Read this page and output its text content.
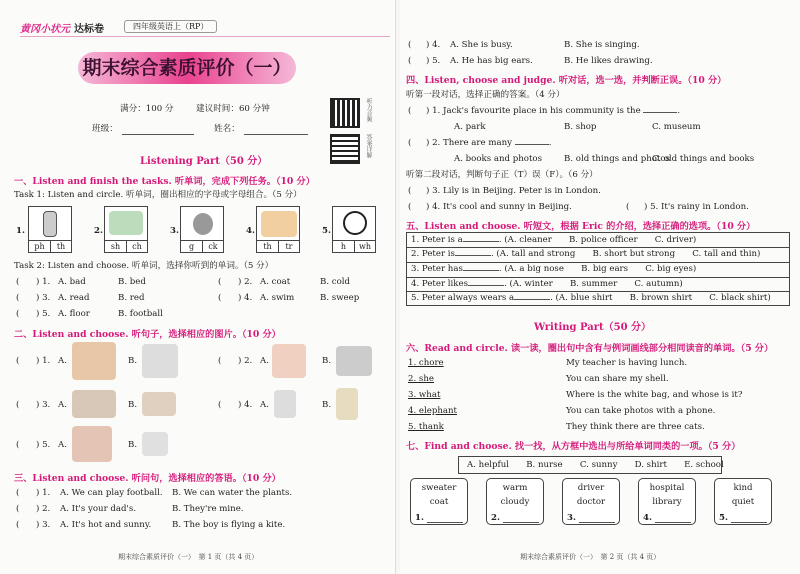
黄冈小状元 达标卷	四年级英语上（RP）
期末综合素质评价（一）
满分：100 分	建议时间：60 分钟
班级：	姓名：
听力音频
答案详解
Listening Part（50 分）
一、Listen and finish the tasks. 听单词，完成下列任务。（10 分）
Task 1: Listen and circle. 听单词，圈出相应的字母或字母组合。（5 分）
1.
ph	th
2.
sh	ch
3.
g	ck
4.
th	tr
5.
h	wh
Task 2: Listen and choose. 听单词，选择你听到的单词。（5 分）
( ) 1. A. bad	B. bed	( ) 2. A. coat	B. cold
( ) 3. A. read	B. red	( ) 4. A. swim	B. sweep
( ) 5. A. floor	B. football
二、Listen and choose. 听句子，选择相应的图片。（10 分）
( ) 1. A.	B.	( ) 2. A.	B.
( ) 3. A.	B.	( ) 4. A.	B.
( ) 5. A.	B.
三、Listen and choose. 听问句，选择相应的答语。（10 分）
( ) 1. A. We can play football. B. We can water the plants.
( ) 2. A. It's your dad's.	B. They're mine.
( ) 3. A. It's hot and sunny. B. The boy is flying a kite.
期末综合素质评价（一）　第 1 页（共 4 页）
( ) 4. A. She is busy.	B. She is singing.
( ) 5. A. He has big ears.	B. He likes drawing.
四、Listen, choose and judge. 听对话，选一选，并判断正误。（10 分）
听第一段对话，选择正确的答案。（4 分）
( ) 1. Jack's favourite place in his community is the	.
A. park	B. shop	C. museum
( ) 2. There are many	.
A. books and photos	B. old things and photos
C. old things and books
听第二段对话，判断句子正（T）误（F）。（6 分）
( ) 3. Lily is in Beijing. Peter is in London.
( ) 4. It's cool and sunny in Beijing.	( ) 5. It's rainy in London.
五、Listen and choose. 听短文，根据 Eric 的介绍，选择正确的选项。（10 分）
1. Peter is a	. (A. cleaner　　B. police officer　　C. driver)
2. Peter is	. (A. tall and strong　　B. short but strong　　C. tall and thin)
3. Peter has	. (A. a big nose　　B. big ears　　C. big eyes)
4. Peter likes	. (A. winter　　B. summer　　C. autumn)
5. Peter always wears a	. (A. blue shirt　　B. brown shirt　　C. black shirt)
Writing Part（50 分）
六、Read and circle. 读一读，圈出句中含有与例词画线部分相同读音的单词。（5 分）
1. chore	My teacher is having lunch.
2. she	You can share my shell.
3. what	Where is the white bag, and whose is it?
4. elephant	You can take photos with a phone.
5. thank	They think there are three cats.
七、Find and choose. 找一找，从方框中选出与所给单词同类的一项。（5 分）
A. helpful　　B. nurse　　C. sunny　　D. shirt　　E. school
sweater
coat
1.
warm
cloudy
2.
driver
doctor
3.
hospital
library
4.
kind
quiet
5.
期末综合素质评价（一）　第 2 页（共 4 页）
